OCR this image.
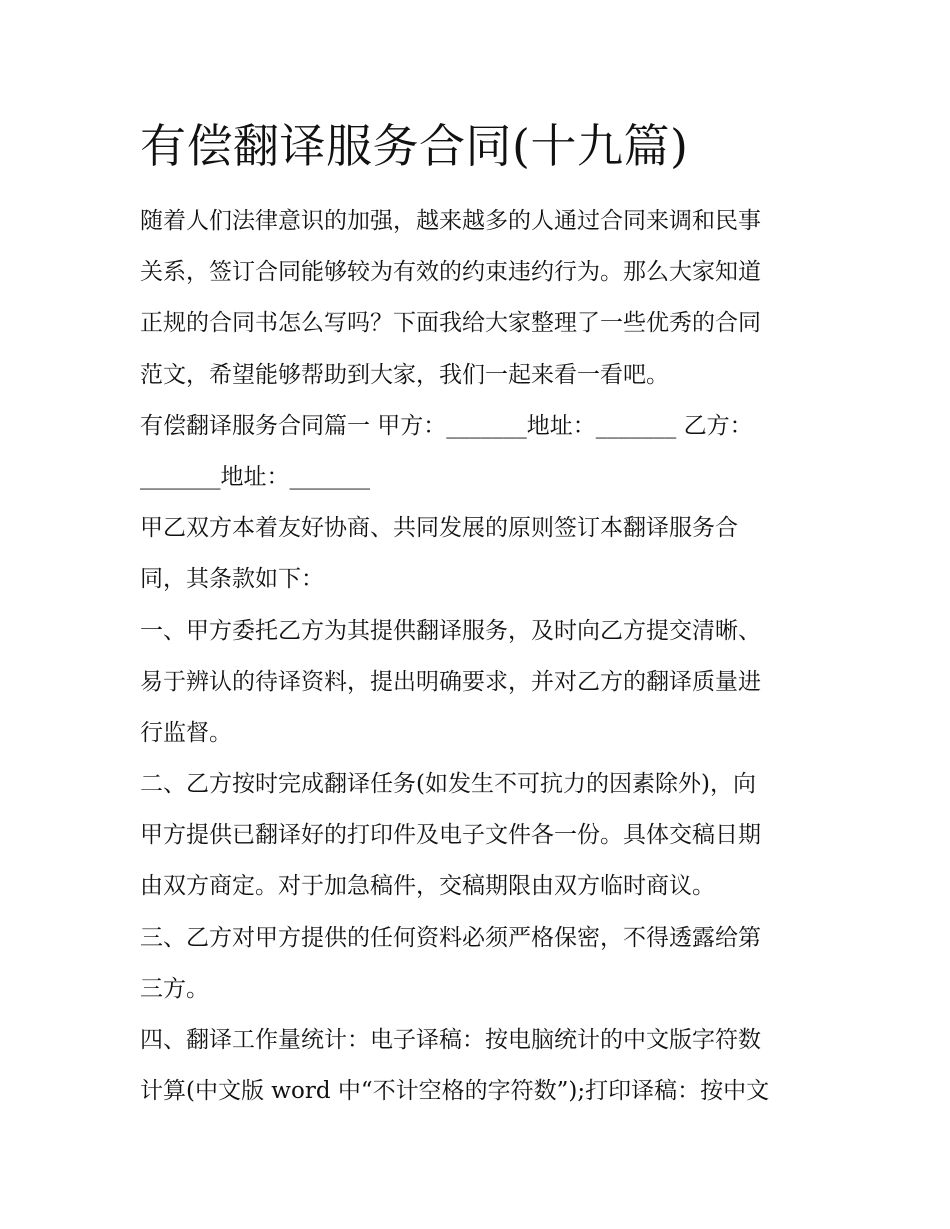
有偿翻译服务合同(十九篇)

随着人们法律意识的加强，越来越多的人通过合同来调和民事
关系，签订合同能够较为有效的约束违约行为。那么大家知道
正规的合同书怎么写吗？下面我给大家整理了一些优秀的合同
范文，希望能够帮助到大家，我们一起来看一看吧。

有偿翻译服务合同篇一 甲方：_______地址：_______ 乙方：
_______地址：_______

甲乙双方本着友好协商、共同发展的原则签订本翻译服务合
同，其条款如下：

一、甲方委托乙方为其提供翻译服务，及时向乙方提交清晰、
易于辨认的待译资料，提出明确要求，并对乙方的翻译质量进
行监督。

二、乙方按时完成翻译任务(如发生不可抗力的因素除外)，向
甲方提供已翻译好的打印件及电子文件各一份。具体交稿日期
由双方商定。对于加急稿件，交稿期限由双方临时商议。

三、乙方对甲方提供的任何资料必须严格保密，不得透露给第
三方。

四、翻译工作量统计：电子译稿：按电脑统计的中文版字符数
计算(中文版 word 中“不计空格的字符数”);打印译稿：按中文
